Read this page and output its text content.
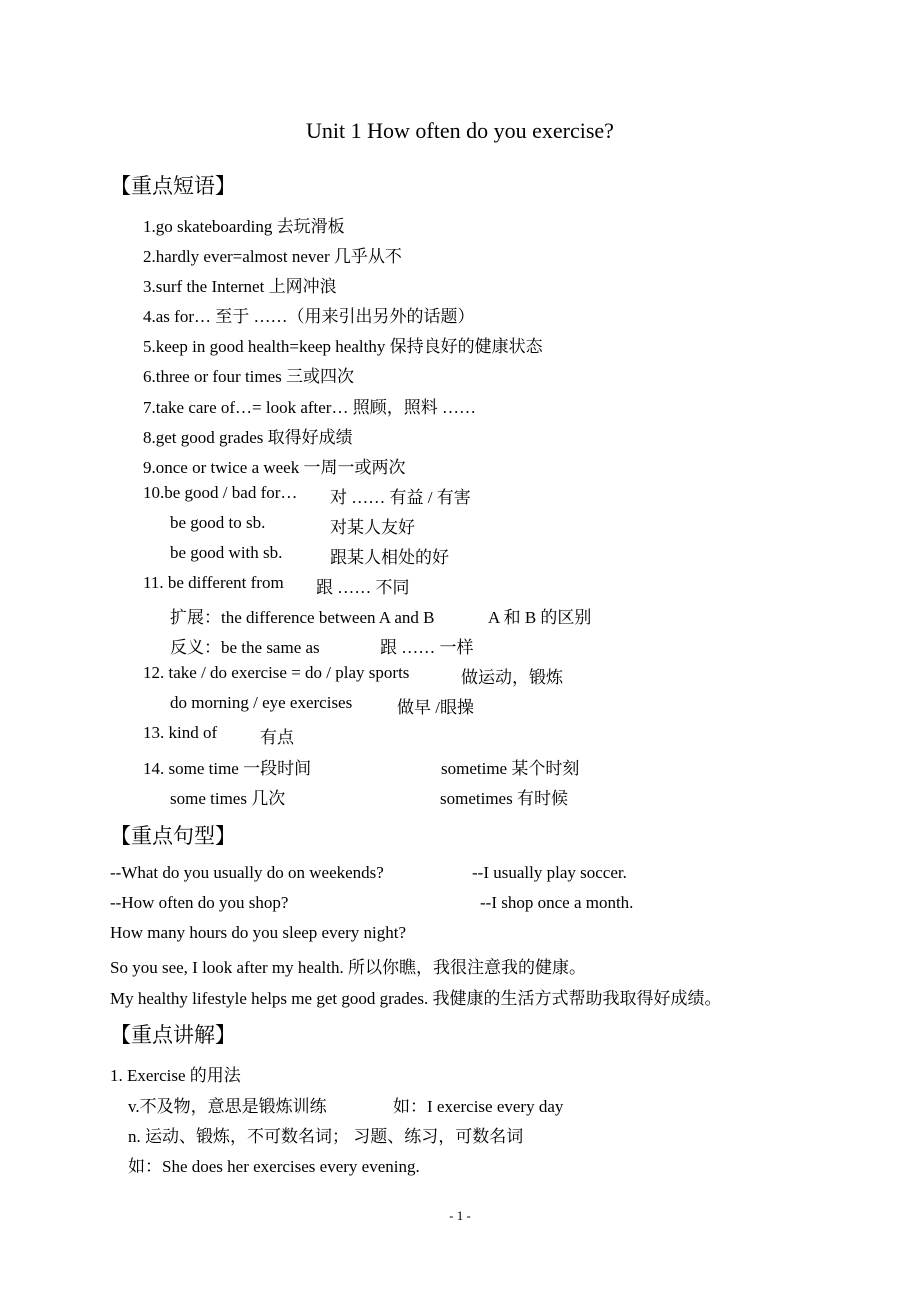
Unit 1 How often do you exercise?
【重点短语】
1.go skateboarding 去玩滑板
2.hardly ever=almost never 几乎从不
3.surf the Internet 上网冲浪
4.as for… 至于 ……（用来引出另外的话题）
5.keep in good health=keep healthy 保持良好的健康状态
6.three or four times 三或四次
7.take care of…= look after… 照顾，照料 ……
8.get good grades 取得好成绩
9.once or twice a week 一周一或两次
10.be good / bad for… 对 …… 有益 / 有害
be good to sb.	对某人友好
be good with sb.	跟某人相处的好
11. be different from 跟 …… 不同
扩展：the difference between A and B	A 和 B 的区别
反义：be the same as	跟 …… 一样
12. take / do exercise = do / play sports	做运动，锻炼
do morning / eye exercises	做早 /眼操
13. kind of	有点
14. some time 一段时间	sometime 某个时刻
some times 几次	sometimes 有时候
【重点句型】
--What do you usually do on weekends?	--I usually play soccer.
--How often do you shop?	--I shop once a month.
How many hours do you sleep every night?
So you see, I look after my health. 所以你瞧，我很注意我的健康。
My healthy lifestyle helps me get good grades. 我健康的生活方式帮助我取得好成绩。
【重点讲解】
1. Exercise 的用法
v.不及物，意思是锻炼训练	如：I exercise every day
n. 运动、锻炼，不可数名词； 习题、练习，可数名词
如：She does her exercises every evening.
- 1 -
